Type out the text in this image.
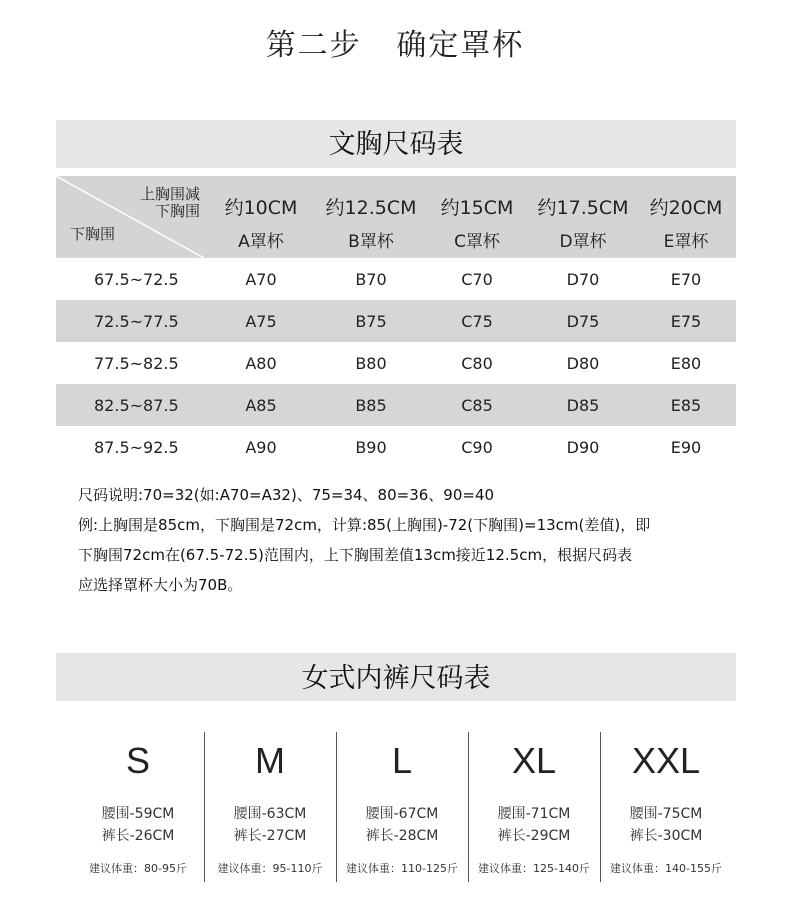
第二步   确定罩杯
文胸尺码表
上胸围减
下胸围
下胸围	约10CM	约12.5CM	约15CM	约17.5CM	约20CM
	A罩杯	B罩杯	C罩杯	D罩杯	E罩杯
67.5~72.5	A70	B70	C70	D70	E70
72.5~77.5	A75	B75	C75	D75	E75
77.5~82.5	A80	B80	C80	D80	E80
82.5~87.5	A85	B85	C85	D85	E85
87.5~92.5	A90	B90	C90	D90	E90
尺码说明:70=32(如:A70=A32)、75=34、80=36、90=40
例:上胸围是85cm，下胸围是72cm，计算:85(上胸围)-72(下胸围)=13cm(差值)，即
下胸围72cm在(67.5-72.5)范围内，上下胸围差值13cm接近12.5cm，根据尺码表
应选择罩杯大小为70B。
女式内裤尺码表
S
腰围-59CM
裤长-26CM
建议体重：80-95斤
M
腰围-63CM
裤长-27CM
建议体重：95-110斤
L
腰围-67CM
裤长-28CM
建议体重：110-125斤
XL
腰围-71CM
裤长-29CM
建议体重：125-140斤
XXL
腰围-75CM
裤长-30CM
建议体重：140-155斤
